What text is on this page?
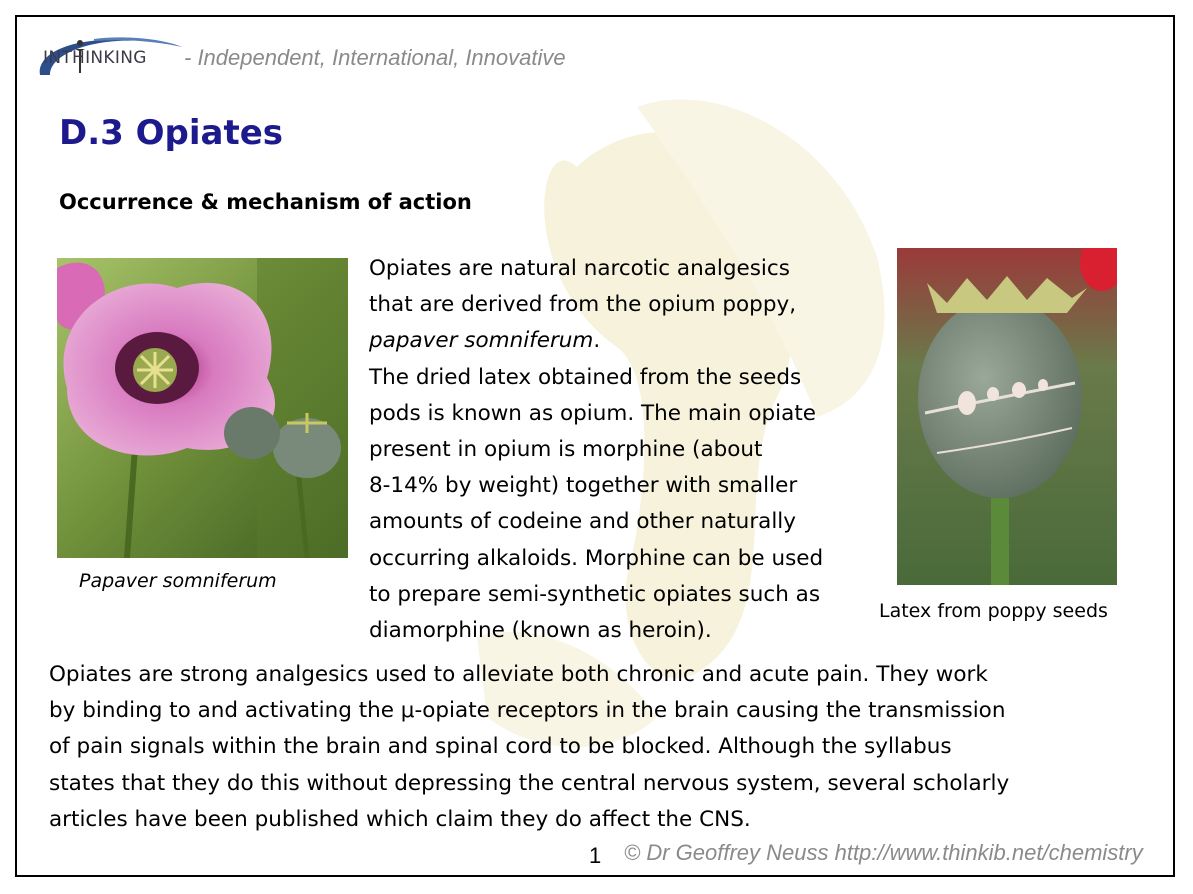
INTHINKING - Independent, International, Innovative
D.3 Opiates
Occurrence & mechanism of action
Papaver somniferum
Latex from poppy seeds
Opiates are natural narcotic analgesics
that are derived from the opium poppy,
papaver somniferum.
The dried latex obtained from the seeds
pods is known as opium. The main opiate
present in opium is morphine (about
8-14% by weight) together with smaller
amounts of codeine and other naturally
occurring alkaloids. Morphine can be used
to prepare semi-synthetic opiates such as
diamorphine (known as heroin).
Opiates are strong analgesics used to alleviate both chronic and acute pain. They work
by binding to and activating the μ-opiate receptors in the brain causing the transmission
of pain signals within the brain and spinal cord to be blocked. Although the syllabus
states that they do this without depressing the central nervous system, several scholarly
articles have been published which claim they do affect the CNS.
1 © Dr Geoffrey Neuss http://www.thinkib.net/chemistry
